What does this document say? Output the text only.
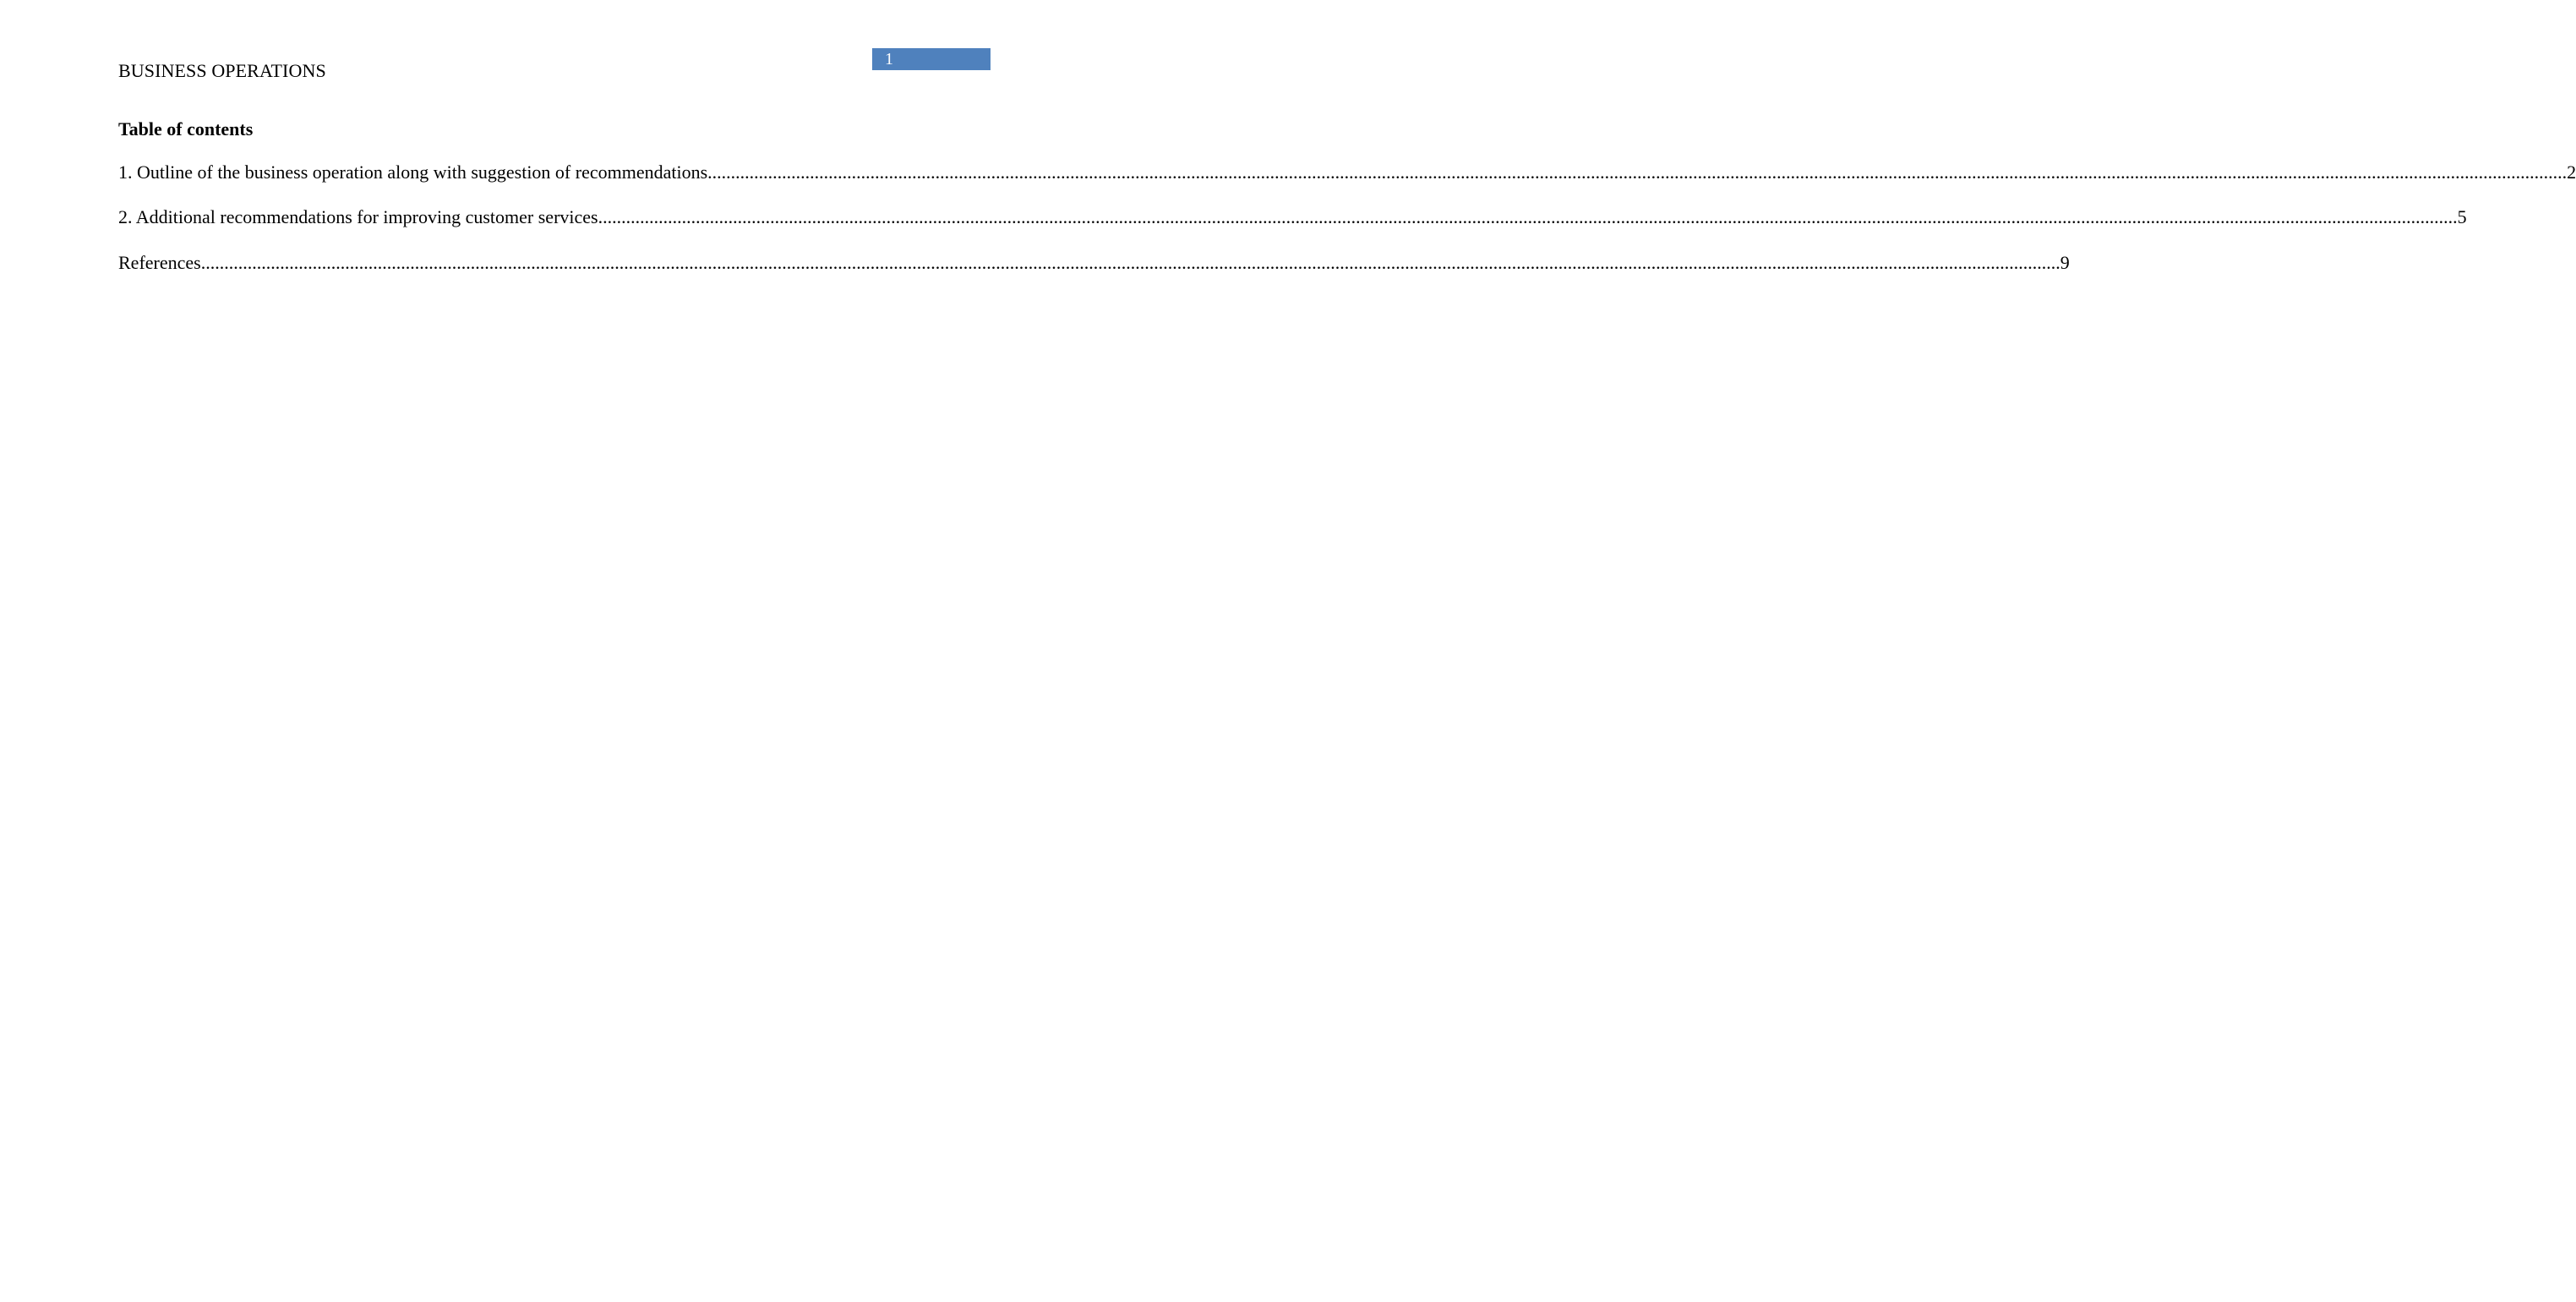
BUSINESS OPERATIONS
1
Table of contents
1. Outline of the business operation along with suggestion of recommendations ................................................................................................................................................................................................................................................................................................................................................................................................................ 2
2. Additional recommendations for improving customer services ................................................................................................................................................................................................................................................................................................................................................................................................................ 5
References ................................................................................................................................................................................................................................................................................................................................................................................................................ 9
